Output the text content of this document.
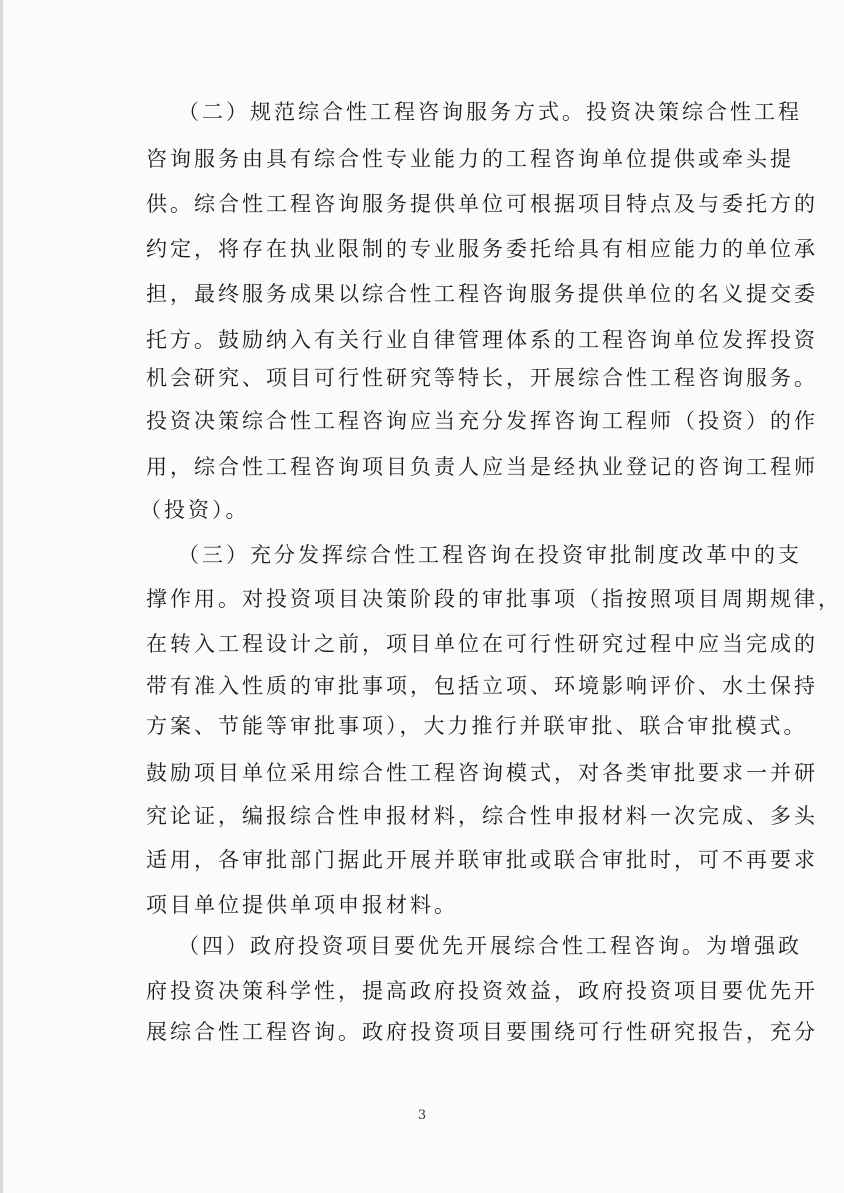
（二）规范综合性工程咨询服务方式。投资决策综合性工程
咨询服务由具有综合性专业能力的工程咨询单位提供或牵头提
供。综合性工程咨询服务提供单位可根据项目特点及与委托方的
约定，将存在执业限制的专业服务委托给具有相应能力的单位承
担，最终服务成果以综合性工程咨询服务提供单位的名义提交委
托方。鼓励纳入有关行业自律管理体系的工程咨询单位发挥投资
机会研究、项目可行性研究等特长，开展综合性工程咨询服务。
投资决策综合性工程咨询应当充分发挥咨询工程师（投资）的作
用，综合性工程咨询项目负责人应当是经执业登记的咨询工程师
（投资）。
（三）充分发挥综合性工程咨询在投资审批制度改革中的支
撑作用。对投资项目决策阶段的审批事项（指按照项目周期规律，
在转入工程设计之前，项目单位在可行性研究过程中应当完成的
带有准入性质的审批事项，包括立项、环境影响评价、水土保持
方案、节能等审批事项），大力推行并联审批、联合审批模式。
鼓励项目单位采用综合性工程咨询模式，对各类审批要求一并研
究论证，编报综合性申报材料，综合性申报材料一次完成、多头
适用，各审批部门据此开展并联审批或联合审批时，可不再要求
项目单位提供单项申报材料。
（四）政府投资项目要优先开展综合性工程咨询。为增强政
府投资决策科学性，提高政府投资效益，政府投资项目要优先开
展综合性工程咨询。政府投资项目要围绕可行性研究报告，充分
3
